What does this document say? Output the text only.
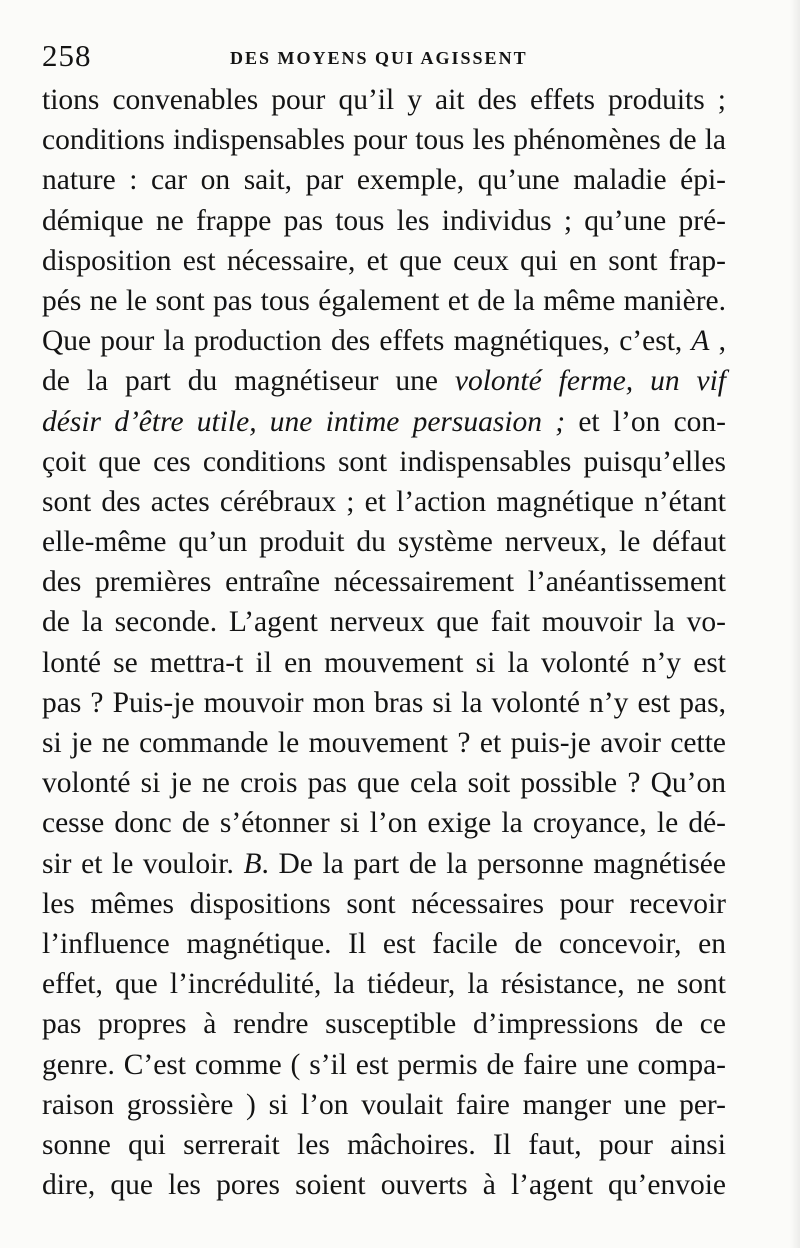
258	DES MOYENS QUI AGISSENT
tions convenables pour qu’il y ait des effets produits ;
conditions indispensables pour tous les phénomènes de la
nature : car on sait, par exemple, qu’une maladie épi-
démique ne frappe pas tous les individus ; qu’une pré-
disposition est nécessaire, et que ceux qui en sont frap-
pés ne le sont pas tous également et de la même manière.
Que pour la production des effets magnétiques, c’est, A ,
de la part du magnétiseur une volonté ferme, un vif
désir d’être utile, une intime persuasion ; et l’on con-
çoit que ces conditions sont indispensables puisqu’elles
sont des actes cérébraux ; et l’action magnétique n’étant
elle-même qu’un produit du système nerveux, le défaut
des premières entraîne nécessairement l’anéantissement
de la seconde. L’agent nerveux que fait mouvoir la vo-
lonté se mettra-t il en mouvement si la volonté n’y est
pas ? Puis-je mouvoir mon bras si la volonté n’y est pas,
si je ne commande le mouvement ? et puis-je avoir cette
volonté si je ne crois pas que cela soit possible ? Qu’on
cesse donc de s’étonner si l’on exige la croyance, le dé-
sir et le vouloir. B. De la part de la personne magnétisée
les mêmes dispositions sont nécessaires pour recevoir
l’influence magnétique. Il est facile de concevoir, en
effet, que l’incrédulité, la tiédeur, la résistance, ne sont
pas propres à rendre susceptible d’impressions de ce
genre. C’est comme ( s’il est permis de faire une compa-
raison grossière ) si l’on voulait faire manger une per-
sonne qui serrerait les mâchoires. Il faut, pour ainsi
dire, que les pores soient ouverts à l’agent qu’envoie
